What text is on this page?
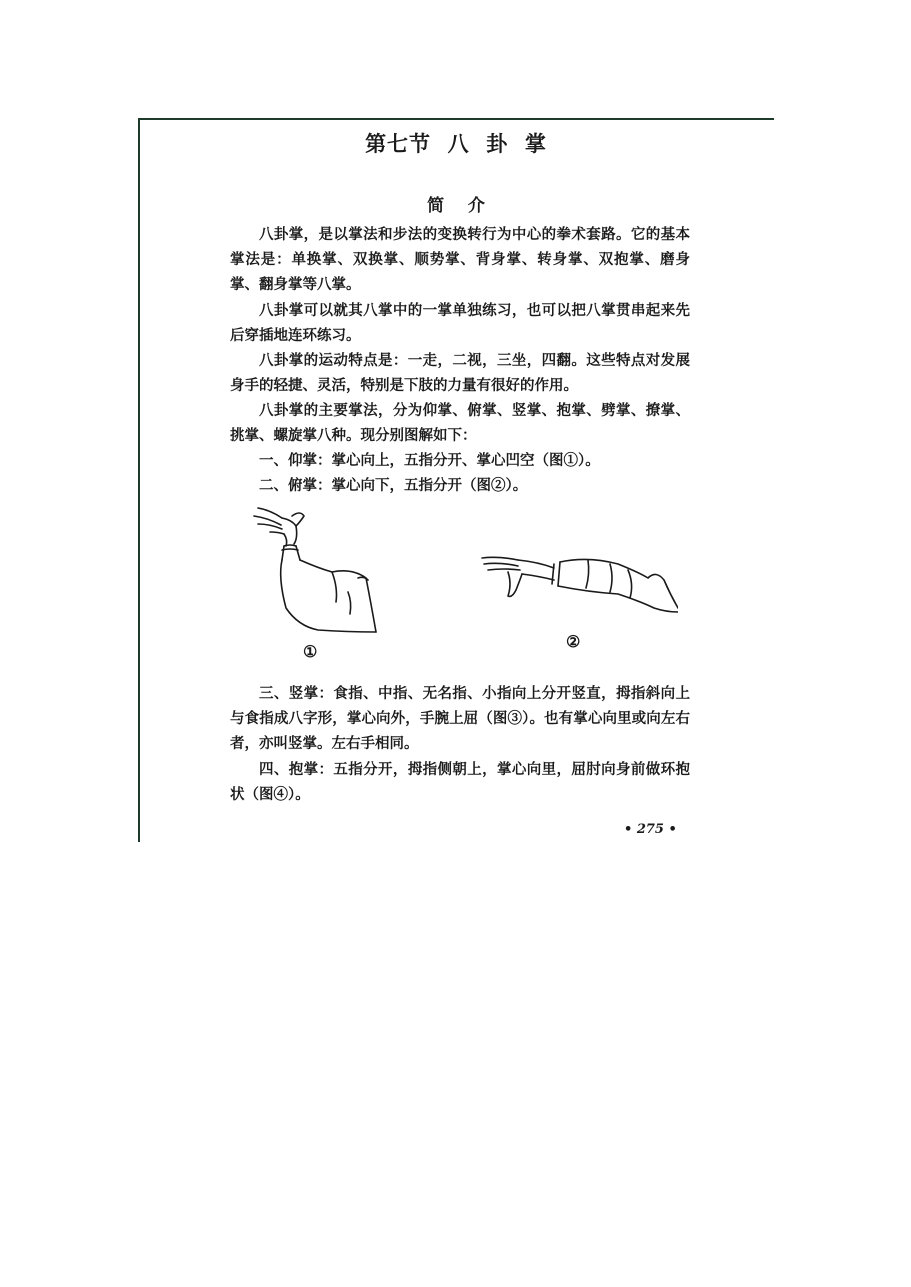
第七节  八  卦  掌
简    介
八卦掌，是以掌法和步法的变换转行为中心的拳术套路。它的基本掌法是：单换掌、双换掌、顺势掌、背身掌、转身掌、双抱掌、磨身掌、翻身掌等八掌。
八卦掌可以就其八掌中的一掌单独练习，也可以把八掌贯串起来先后穿插地连环练习。
八卦掌的运动特点是：一走，二视，三坐，四翻。这些特点对发展身手的轻捷、灵活，特别是下肢的力量有很好的作用。
八卦掌的主要掌法，分为仰掌、俯掌、竖掌、抱掌、劈掌、撩掌、挑掌、螺旋掌八种。现分别图解如下：
一、仰掌：掌心向上，五指分开、掌心凹空（图①）。
二、俯掌：掌心向下，五指分开（图②）。
①
②
三、竖掌：食指、中指、无名指、小指向上分开竖直，拇指斜向上与食指成八字形，掌心向外，手腕上屈（图③）。也有掌心向里或向左右者，亦叫竖掌。左右手相同。
四、抱掌：五指分开，拇指侧朝上，掌心向里，屈肘向身前做环抱状（图④）。
• 275 •
